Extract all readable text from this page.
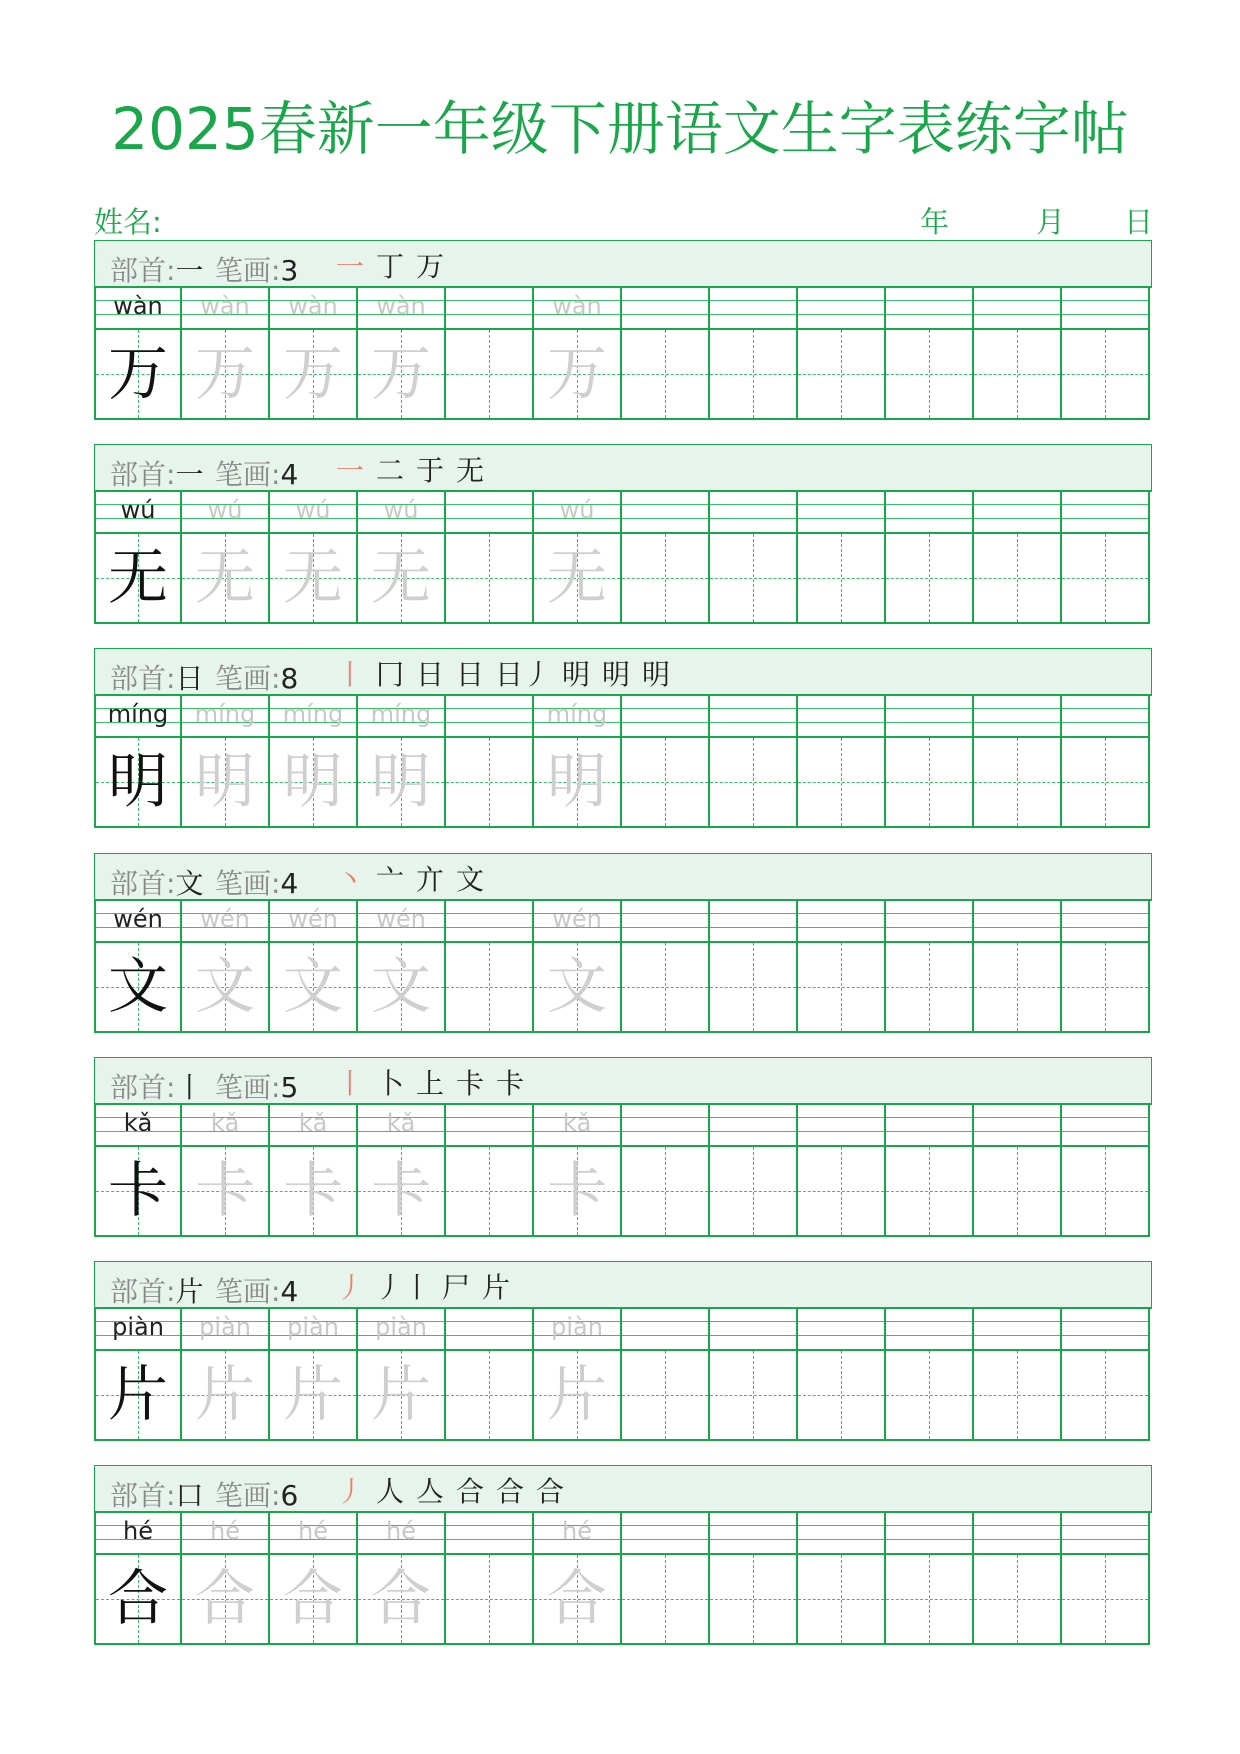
2025春新一年级下册语文生字表练字帖
姓名:	年	月 日
部首:一 笔画:3 一 丁 万
wàn
万
wàn
万
wàn
万
wàn
万
wàn
万
部首:一 笔画:4 一 二 于 无
wú
无
wú
无
wú
无
wú
无
wú
无
部首:日 笔画:8 丨 冂 日 日 日丿 明 明 明
míng
明
míng
明
míng
明
míng
明
míng
明
部首:文 笔画:4 丶 亠 亣 文
wén
文
wén
文
wén
文
wén
文
wén
文
部首:丨 笔画:5 丨 卜 上 卡 卡
kǎ
卡
kǎ
卡
kǎ
卡
kǎ
卡
kǎ
卡
部首:片 笔画:4 丿 丿丨 尸 片
piàn
片
piàn
片
piàn
片
piàn
片
piàn
片
部首:口 笔画:6 丿 人 亼 合 合 合
hé
合
hé
合
hé
合
hé
合
hé
合
